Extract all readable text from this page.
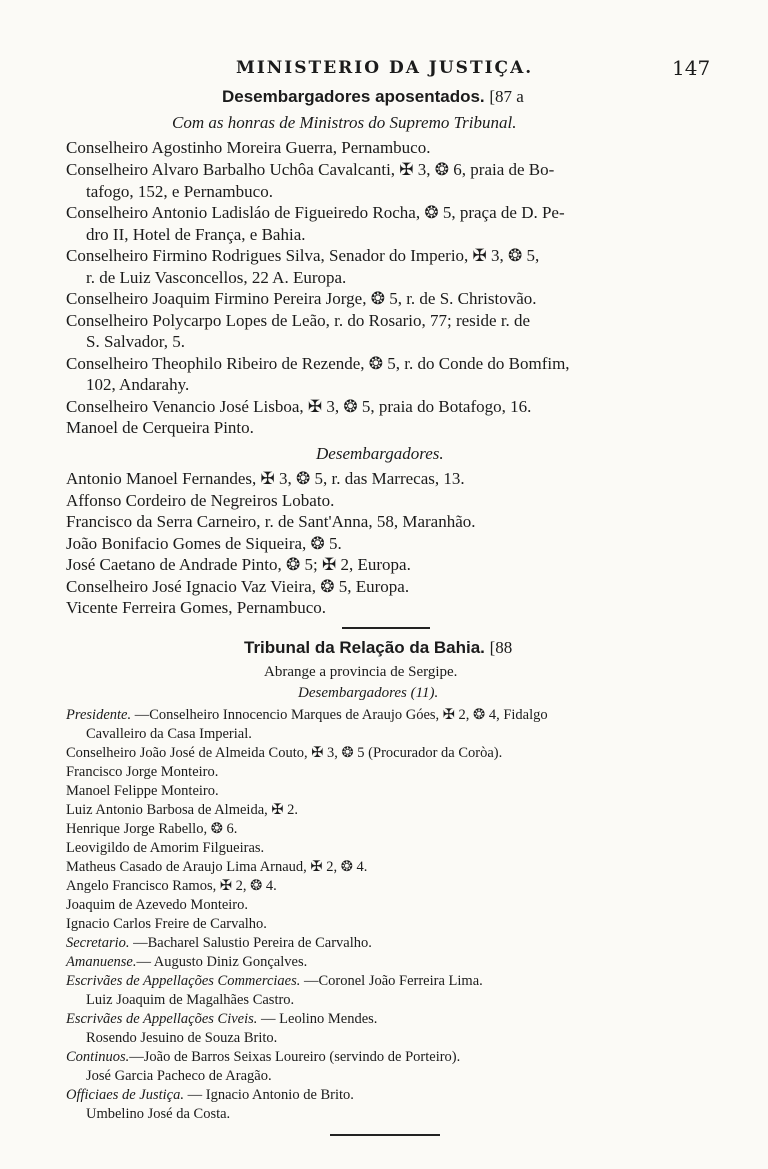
MINISTERIO DA JUSTIÇA.	147
Desembargadores aposentados. [87 a
Com as honras de Ministros do Supremo Tribunal.
Conselheiro Agostinho Moreira Guerra, Pernambuco.
Conselheiro Alvaro Barbalho Uchôa Cavalcanti, ✠ 3, ❂ 6, praia de Bo-
tafogo, 152, e Pernambuco.
Conselheiro Antonio Ladisláo de Figueiredo Rocha, ❂ 5, praça de D. Pe-
dro II, Hotel de França, e Bahia.
Conselheiro Firmino Rodrigues Silva, Senador do Imperio, ✠ 3, ❂ 5,
r. de Luiz Vasconcellos, 22 A. Europa.
Conselheiro Joaquim Firmino Pereira Jorge, ❂ 5, r. de S. Christovão.
Conselheiro Polycarpo Lopes de Leão, r. do Rosario, 77; reside r. de
S. Salvador, 5.
Conselheiro Theophilo Ribeiro de Rezende, ❂ 5, r. do Conde do Bomfim,
102, Andarahy.
Conselheiro Venancio José Lisboa, ✠ 3, ❂ 5, praia do Botafogo, 16.
Manoel de Cerqueira Pinto.
Desembargadores.
Antonio Manoel Fernandes, ✠ 3, ❂ 5, r. das Marrecas, 13.
Affonso Cordeiro de Negreiros Lobato.
Francisco da Serra Carneiro, r. de Sant'Anna, 58, Maranhão.
João Bonifacio Gomes de Siqueira, ❂ 5.
José Caetano de Andrade Pinto, ❂ 5; ✠ 2, Europa.
Conselheiro José Ignacio Vaz Vieira, ❂ 5, Europa.
Vicente Ferreira Gomes, Pernambuco.
Tribunal da Relação da Bahia. [88
Abrange a provincia de Sergipe.
Desembargadores (11).
Presidente. —Conselheiro Innocencio Marques de Araujo Góes, ✠ 2, ❂ 4, Fidalgo
Cavalleiro da Casa Imperial.
Conselheiro João José de Almeida Couto, ✠ 3, ❂ 5 (Procurador da Coròa).
Francisco Jorge Monteiro.
Manoel Felippe Monteiro.
Luiz Antonio Barbosa de Almeida, ✠ 2.
Henrique Jorge Rabello, ❂ 6.
Leovigildo de Amorim Filgueiras.
Matheus Casado de Araujo Lima Arnaud, ✠ 2, ❂ 4.
Angelo Francisco Ramos, ✠ 2, ❂ 4.
Joaquim de Azevedo Monteiro.
Ignacio Carlos Freire de Carvalho.
Secretario. —Bacharel Salustio Pereira de Carvalho.
Amanuense.— Augusto Diniz Gonçalves.
Escrivães de Appellações Commerciaes. —Coronel João Ferreira Lima.
Luiz Joaquim de Magalhães Castro.
Escrivães de Appellações Civeis. — Leolino Mendes.
Rosendo Jesuino de Souza Brito.
Continuos.—João de Barros Seixas Loureiro (servindo de Porteiro).
José Garcia Pacheco de Aragão.
Officiaes de Justiça. — Ignacio Antonio de Brito.
Umbelino José da Costa.
